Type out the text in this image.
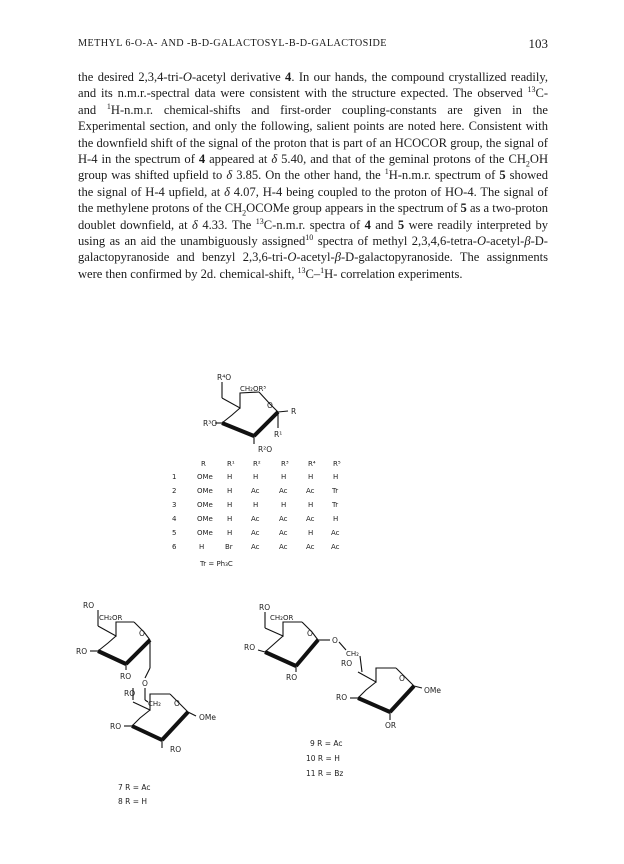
METHYL 6-O-Α- AND -Β-D-GALACTOSYL-Β-D-GALACTOSIDE	103

the desired 2,3,4-tri-O-acetyl derivative 4. In our hands, the compound crystallized readily, and its n.m.r.-spectral data were consistent with the structure expected. The observed $^{13}$C- and $^1$H-n.m.r. chemical-shifts and first-order coupling-constants are given in the Experimental section, and only the following, salient points are noted here. Consistent with the downfield shift of the signal of the proton that is part of an HCOCOR group, the signal of H-4 in the spectrum of 4 appeared at δ 5.40, and that of the geminal protons of the $CH_2OH$ group was shifted upfield to δ 3.85. On the other hand, the $^1$H-n.m.r. spectrum of 5 showed the signal of H-4 upfield, at δ 4.07, H-4 being coupled to the proton of HO-4. The signal of the methylene protons of the $CH_2OCOMe$ group appears in the spectrum of 5 as a two-proton doublet downfield, at δ 4.33. The $^{13}$C-n.m.r. spectra of 4 and 5 were readily interpreted by using as an aid the unambiguously assigned$^{10}$ spectra of methyl 2,3,4,6-tetra-O-acetyl-β-D-galactopyranoside and benzyl 2,3,6-tri-O-acetyl-β-D-galactopyranoside. The assignments were then confirmed by 2d. chemical-shift, $^{13}$C–$^1$H- correlation experiments.

R⁴O
CH₂OR⁵
O
R³O
R
R²O
R¹
R	R¹	R²	R³	R⁴ R⁵
1	OMe H	H	H	H	H
2	OMe H	Ac	Ac	Ac Tr
3	OMe H	H	H	H	Tr
4	OMe H	Ac	Ac	Ac	H
5	OMe H	Ac	Ac	H	Ac
6	H	Br	Ac	Ac	Ac Ac
Tr = Ph₃C
RO
CH₂OR
O
RO
RO
O
RO
CH₂ O
RO
OMe
RO
7 R = Ac
8 R = H
RO
CH₂OR
O
RO
O
CH₂
RO
RO
O
RO
OMe
OR
9 R = Ac
10 R = H
11 R = Bz
